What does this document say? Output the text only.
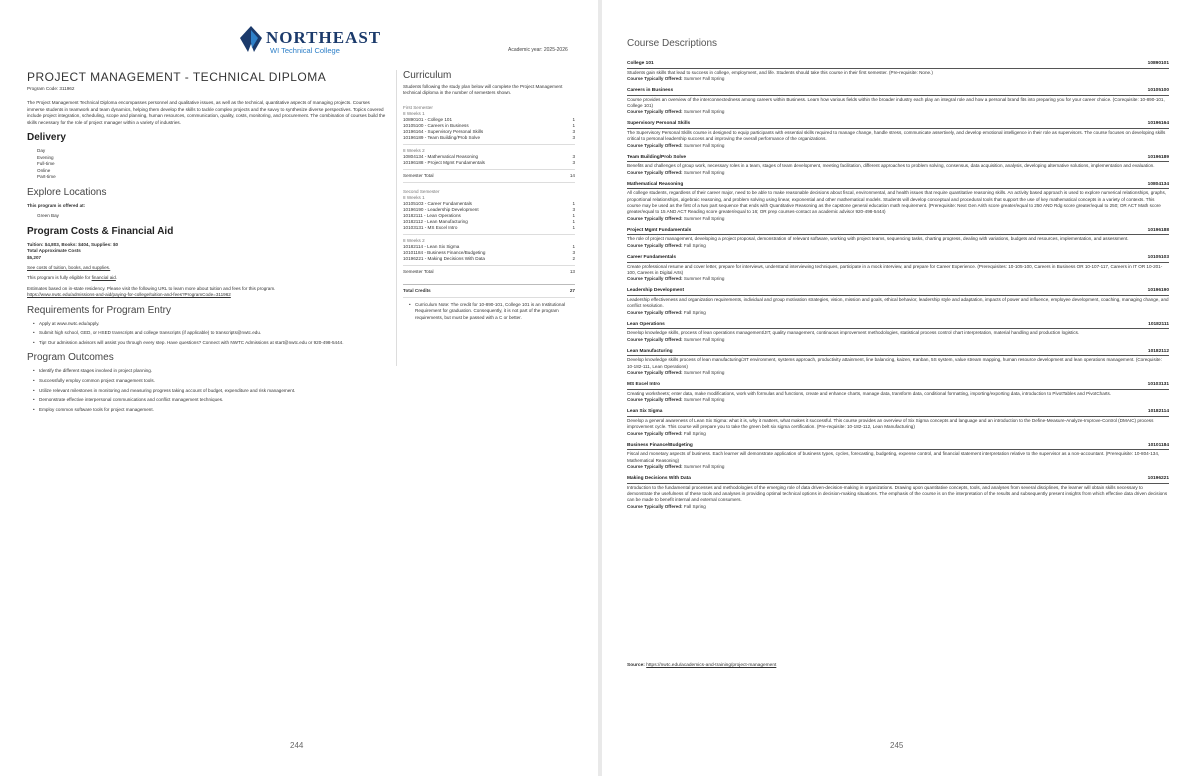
NORTHEAST
WI Technical College	Academic year: 2025-2026
PROJECT MANAGEMENT - TECHNICAL DIPLOMA
Program Code: 311962
The Project Management Technical Diploma encompasses personnel and qualitative issues, as well as the technical, quantitative aspects of managing projects. Courses immerse students in teamwork and team dynamics, helping them develop the skills to tackle complex projects and the savvy to synthesize diverse perspectives. Topics covered include project integration, scheduling, scope and planning, human resources, communication, quality, costs, monitoring, and procurement. The combination of courses build the skills necessary for the role of project manager within a variety of industries.
Delivery
Day
Evening
Full-time
Online
Part-time
Explore Locations
This program is offered at:
Green Bay
Program Costs & Financial Aid
Tuition: $4,803, Books: $404, Supplies: $0
Total Approximate Costs
$5,207
See costs of tuition, books, and supplies.
This program is fully eligible for financial aid.
Estimates based on in-state residency. Please visit the following URL to learn more about tuition and fees for this program.
https://www.nwtc.edu/admissions-and-aid/paying-for-college/tuition-and-fees?ProgramCode=311962
Requirements for Program Entry
• Apply at www.nwtc.edu/apply.
• Submit high school, GED, or HSED transcripts and college transcripts (if applicable) to transcripts@nwtc.edu.
• Tip! Our admission advisors will assist you through every step. Have questions? Connect with NWTC Admissions at start@nwtc.edu or 920-498-5444.
Program Outcomes
• Identify the different stages involved in project planning.
• Successfully employ common project management tools.
• Utilize relevant milestones in monitoring and measuring progress taking account of budget, expenditure and risk management.
• Demonstrate effective interpersonal communications and conflict management techniques.
• Employ common software tools for project management.
Curriculum
Students following the study plan below will complete the Project Management technical diploma in the number of semesters shown.
First Semester
8 Weeks 1
10890101 - College 101	1
10105100 - Careers in Business	1
10196164 - Supervisory Personal Skills	3
10196189 - Team Building/Prob Solve	3
8 Weeks 2
10804134 - Mathematical Reasoning	3
10196188 - Project Mgmt Fundamentals	3
Semester Total	14
Second Semester
8 Weeks 1
10105103 - Career Fundamentals	1
10196190 - Leadership Development	3
10182111 - Lean Operations	1
10182112 - Lean Manufacturing	1
10103131 - MS Excel Intro	1
8 Weeks 2
10182114 - Lean Six Sigma	1
10101184 - Business Finance/Budgeting	3
10196221 - Making Decisions With Data	2
Semester Total	13
Total Credits	27
• Curriculum Note: The credit for 10-890-101, College 101 is an Institutional Requirement for graduation. Consequently, it is not part of the program requirements, but must be passed with a C or better.
244
Course Descriptions
College 101	10890101
Students gain skills that lead to success in college, employment, and life. Students should take this course in their first semester. (Pre-requisite: None.)
Course Typically Offered: Summer Fall Spring
Careers in Business	10105100
Course provides an overview of the interconnectedness among careers within Business. Learn how various fields within the broader industry each play an integral role and how a personal brand fits into preparing you for your career choice. (Corequisite: 10-890-101, College 101)
Course Typically Offered: Summer Fall Spring
Supervisory Personal Skills	10196164
The Supervisory Personal Skills course is designed to equip participants with essential skills required to manage change, handle stress, communicate assertively, and develop emotional intelligence in their role as supervisors. The course focuses on developing skills critical to personal leadership success and improving the overall performance of the organizations.
Course Typically Offered: Summer Fall Spring
Team Building/Prob Solve	10196189
Benefits and challenges of group work, necessary roles in a team, stages of team development, meeting facilitation, different approaches to problem solving, consensus, data acquisition, analysis, developing alternative solutions, implementation and evaluation.
Course Typically Offered: Summer Fall Spring
Mathematical Reasoning	10804134
All college students, regardless of their career major, need to be able to make reasonable decisions about fiscal, environmental, and health issues that require quantitative reasoning skills. An activity based approach is used to explore numerical relationships, graphs, proportional relationships, algebraic reasoning, and problem solving using linear, exponential and other mathematical models. Students will develop conceptual and procedural tools that support the use of key mathematical concepts in a variety of contexts. This course may be used as the first of a two part sequence that ends with Quantitative Reasoning as the capstone general education math requirement. (Prerequisite: Next Gen Arith score greater/equal to 250 AND Rdg score greater/equal to 250; OR ACT Math score greater/equal to 15 AND ACT Reading score greater/equal to 16; OR prep courses-contact an academic advisor 920-498-5444)
Course Typically Offered: Summer Fall Spring
Project Mgmt Fundamentals	10196188
The role of project management, developing a project proposal, demonstration of relevant software, working with project teams, sequencing tasks, charting progress, dealing with variations, budgets and resources, implementation, and assessment.
Course Typically Offered: Fall Spring
Career Fundamentals	10105103
Create professional resume and cover letter, prepare for interviews, understand interviewing techniques, participate in a mock interview, and prepare for Career Experience. (Prerequisites: 10-105-100, Careers in Business OR 10-107-117, Careers in IT OR 10-201-100, Careers in Digital Arts)
Course Typically Offered: Summer Fall Spring
Leadership Development	10196190
Leadership effectiveness and organization requirements, individual and group motivation strategies, vision, mission and goals, ethical behavior, leadership style and adaptation, impacts of power and influence, employee development, coaching, managing change, and conflict resolution.
Course Typically Offered: Fall Spring
Lean Operations	10182111
Develop knowledge skills, process of lean operations management/JIT, quality management, continuous improvement methodologies, statistical process control chart interpretation, material handling and production logistics.
Course Typically Offered: Summer Fall Spring
Lean Manufacturing	10182112
Develop knowledge skills process of lean manufacturing/JIT environment, systems approach, productivity attainment, line balancing, kaizen, Kanban, 5S system, value stream mapping, human resource development and lean operations management. (Corequisite: 10-182-111, Lean Operations)
Course Typically Offered: Summer Fall Spring
MS Excel Intro	10103131
Creating worksheets; enter data, make modifications, work with formulas and functions, create and enhance charts, manage data, transform data, conditional formatting, importing/exporting data, introduction to PivotTables and PivotCharts.
Course Typically Offered: Summer Fall Spring
Lean Six Sigma	10182114
Develop a general awareness of Lean Six Sigma: what it is, why it matters, what makes it successful. This course provides an overview of Six Sigma concepts and language and an introduction to the Define-Measure-Analyze-Improve-Control (DMAIC) process improvement cycle. This course will prepare you to take the green belt six sigma certification. (Pre-requisite: 10-182-112, Lean Manufacturing)
Course Typically Offered: Fall Spring
Business Finance/Budgeting	10101184
Fiscal and monetary aspects of business. Each learner will demonstrate application of business types, cycles, forecasting, budgeting, expense control, and financial statement interpretation relative to the supervisor as a non-accountant. (Prerequisite: 10-804-134, Mathematical Reasoning)
Course Typically Offered: Summer Fall Spring
Making Decisions With Data	10196221
Introduction to the fundamental processes and methodologies of the emerging role of data driven-decision-making in organizations. Drawing upon quantitative concepts, tools, and analyses from several disciplines, the learner will obtain skills necessary to demonstrate the usefulness of these tools and analyses in providing optimal technical options in decision-making situations. The emphasis of the course is on the interpretation of the results and subsequently present insights from which effective data driven decisions can be made to benefit internal and external consumers.
Course Typically Offered: Fall Spring
Source: https://nwtc.edu/academics-and-training/project-management
245
